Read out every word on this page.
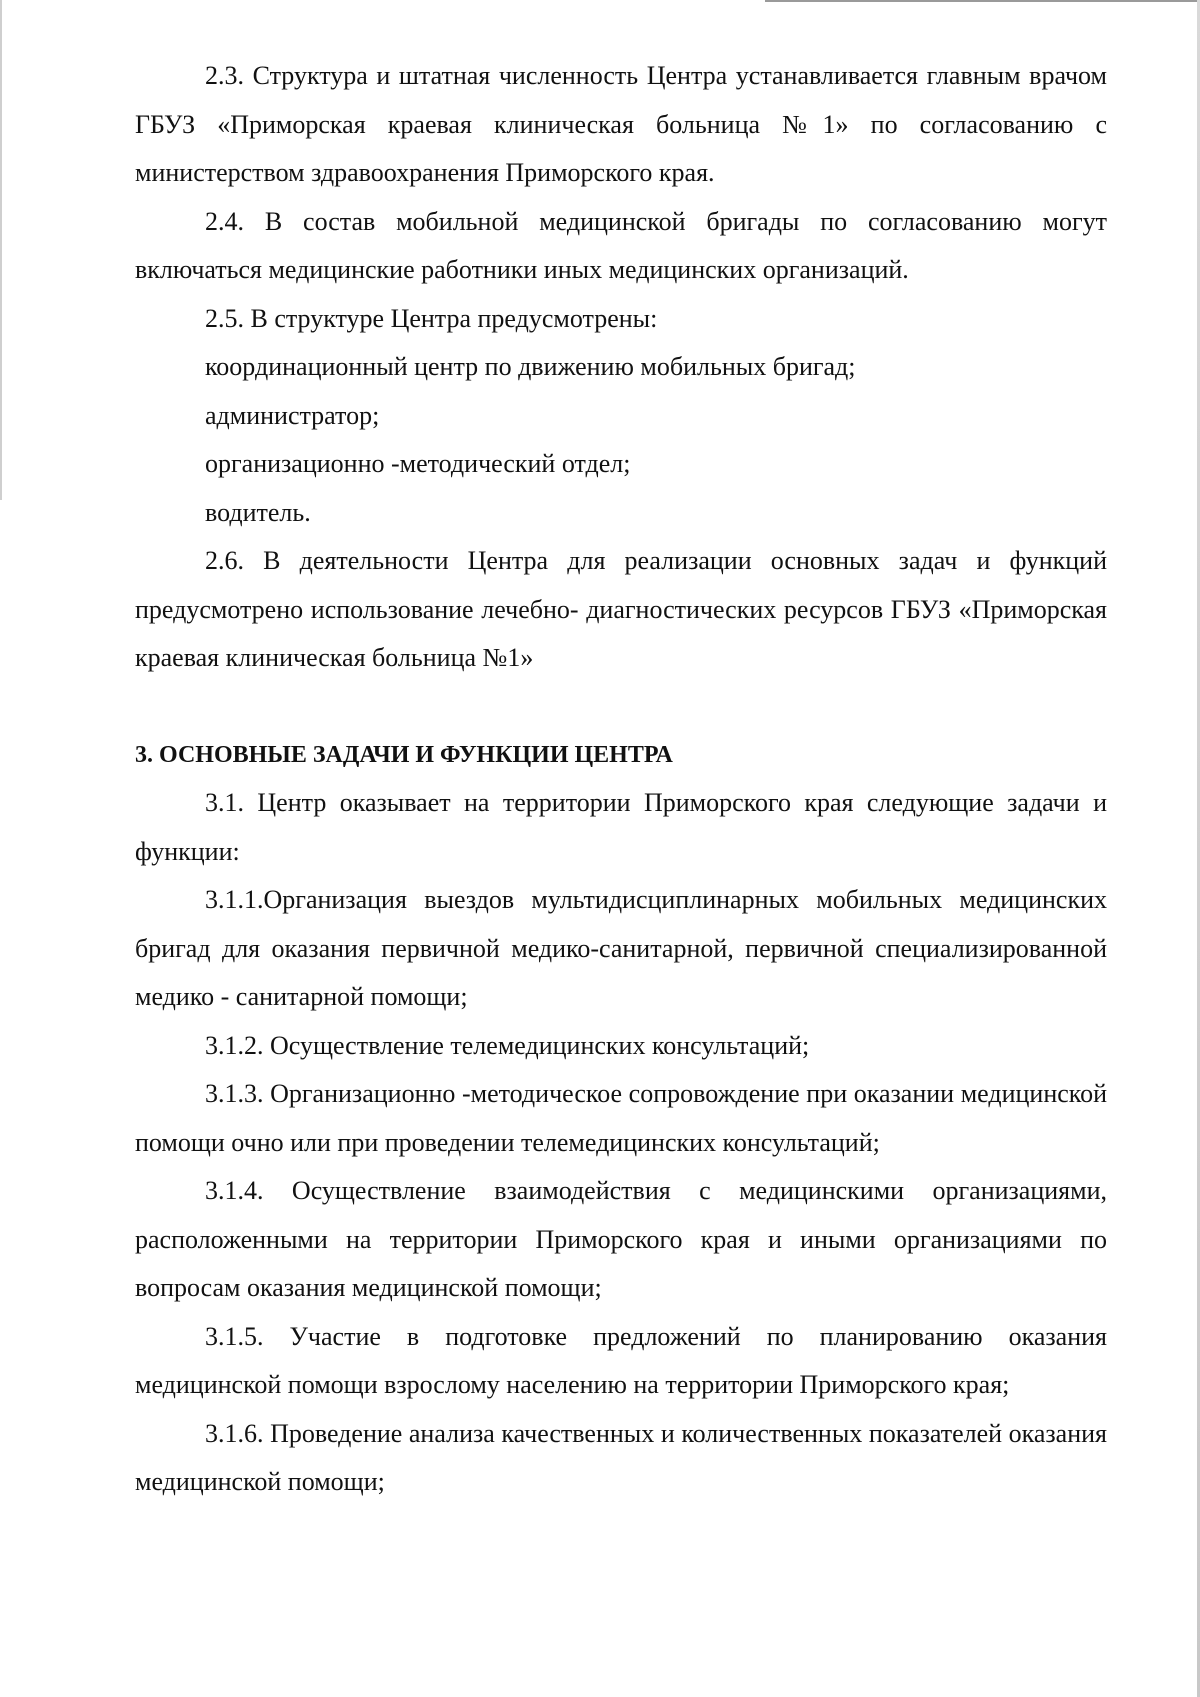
2.3. Структура и штатная численность Центра устанавливается главным врачом ГБУЗ «Приморская краевая клиническая больница №1» по согласованию с министерством здравоохранения Приморского края.

2.4. В состав мобильной медицинской бригады по согласованию могут включаться медицинские работники иных медицинских организаций.

2.5. В структуре Центра предусмотрены:

координационный центр по движению мобильных бригад;

администратор;

организационно -методический отдел;

водитель.

2.6. В деятельности Центра для реализации основных задач и функций предусмотрено использование лечебно- диагностических ресурсов ГБУЗ «Приморская краевая клиническая больница №1»

3. ОСНОВНЫЕ ЗАДАЧИ И ФУНКЦИИ ЦЕНТРА

3.1. Центр оказывает на территории Приморского края следующие задачи и функции:

3.1.1.Организация выездов мультидисциплинарных мобильных медицинских бригад для оказания первичной медико-санитарной, первичной специализированной медико - санитарной помощи;

3.1.2. Осуществление телемедицинских консультаций;

3.1.3. Организационно -методическое сопровождение при оказании медицинской помощи очно или при проведении телемедицинских консультаций;

3.1.4. Осуществление взаимодействия с медицинскими организациями, расположенными на территории Приморского края и иными организациями по вопросам оказания медицинской помощи;

3.1.5. Участие в подготовке предложений по планированию оказания медицинской помощи взрослому населению на территории Приморского края;

3.1.6. Проведение анализа качественных и количественных показателей оказания медицинской помощи;
